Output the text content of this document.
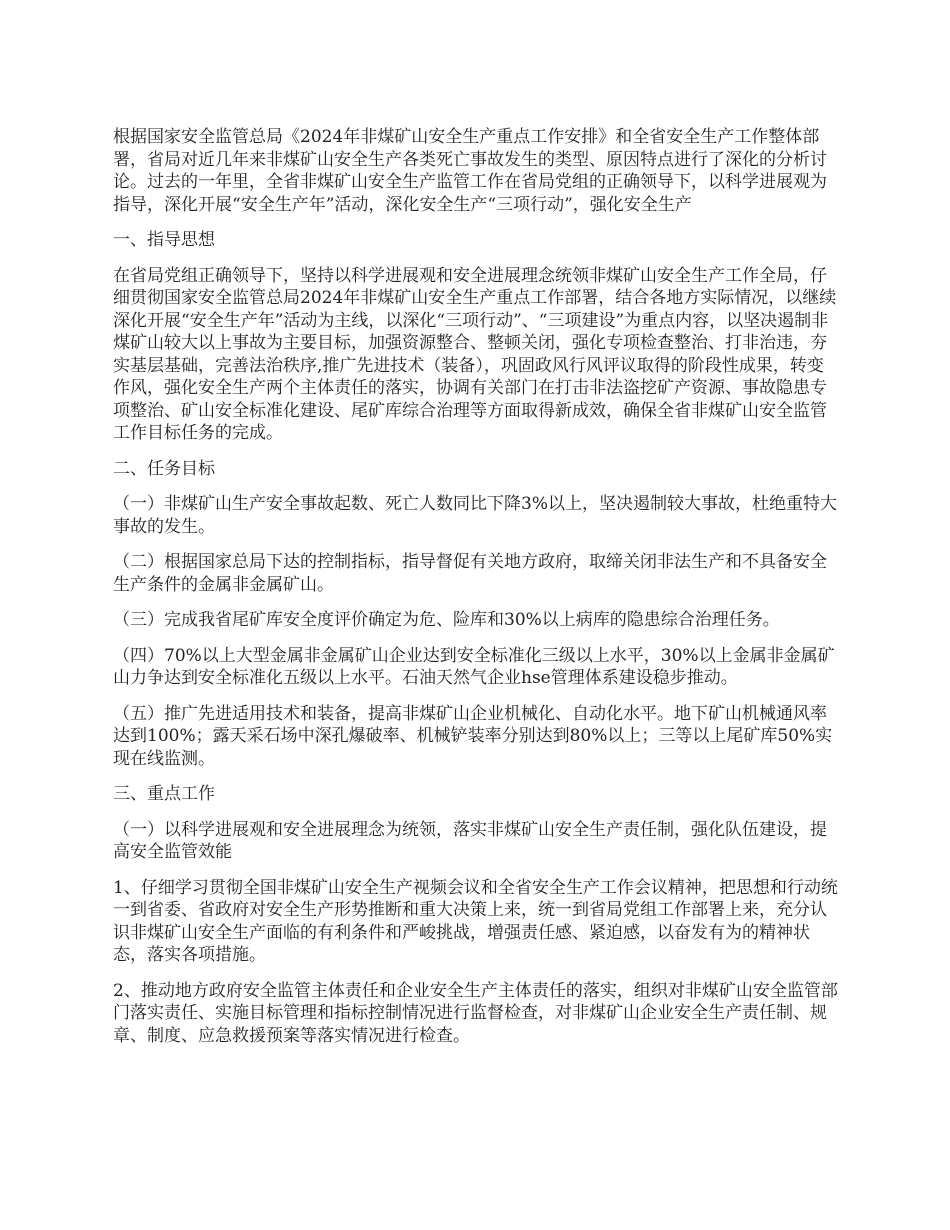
根据国家安全监管总局《2024年非煤矿山安全生产重点工作安排》和全省安全生产工作整体部署，省局对近几年来非煤矿山安全生产各类死亡事故发生的类型、原因特点进行了深化的分析讨论。过去的一年里，全省非煤矿山安全生产监管工作在省局党组的正确领导下，以科学进展观为指导，深化开展“安全生产年”活动，深化安全生产“三项行动”，强化安全生产

一、指导思想

在省局党组正确领导下，坚持以科学进展观和安全进展理念统领非煤矿山安全生产工作全局，仔细贯彻国家安全监管总局2024年非煤矿山安全生产重点工作部署，结合各地方实际情况，以继续深化开展“安全生产年”活动为主线，以深化“三项行动”、“三项建设”为重点内容，以坚决遏制非煤矿山较大以上事故为主要目标，加强资源整合、整顿关闭，强化专项检查整治、打非治违，夯实基层基础，完善法治秩序,推广先进技术（装备），巩固政风行风评议取得的阶段性成果，转变作风，强化安全生产两个主体责任的落实，协调有关部门在打击非法盗挖矿产资源、事故隐患专项整治、矿山安全标准化建设、尾矿库综合治理等方面取得新成效，确保全省非煤矿山安全监管工作目标任务的完成。

二、任务目标

（一）非煤矿山生产安全事故起数、死亡人数同比下降3%以上，坚决遏制较大事故，杜绝重特大事故的发生。

（二）根据国家总局下达的控制指标，指导督促有关地方政府，取缔关闭非法生产和不具备安全生产条件的金属非金属矿山。

（三）完成我省尾矿库安全度评价确定为危、险库和30%以上病库的隐患综合治理任务。

（四）70%以上大型金属非金属矿山企业达到安全标准化三级以上水平，30%以上金属非金属矿山力争达到安全标准化五级以上水平。石油天然气企业hse管理体系建设稳步推动。

（五）推广先进适用技术和装备，提高非煤矿山企业机械化、自动化水平。地下矿山机械通风率达到100%；露天采石场中深孔爆破率、机械铲装率分别达到80%以上；三等以上尾矿库50%实现在线监测。

三、重点工作

（一）以科学进展观和安全进展理念为统领，落实非煤矿山安全生产责任制，强化队伍建设，提高安全监管效能

1、仔细学习贯彻全国非煤矿山安全生产视频会议和全省安全生产工作会议精神，把思想和行动统一到省委、省政府对安全生产形势推断和重大决策上来，统一到省局党组工作部署上来，充分认识非煤矿山安全生产面临的有利条件和严峻挑战，增强责任感、紧迫感，以奋发有为的精神状态，落实各项措施。

2、推动地方政府安全监管主体责任和企业安全生产主体责任的落实，组织对非煤矿山安全监管部门落实责任、实施目标管理和指标控制情况进行监督检查，对非煤矿山企业安全生产责任制、规章、制度、应急救援预案等落实情况进行检查。
